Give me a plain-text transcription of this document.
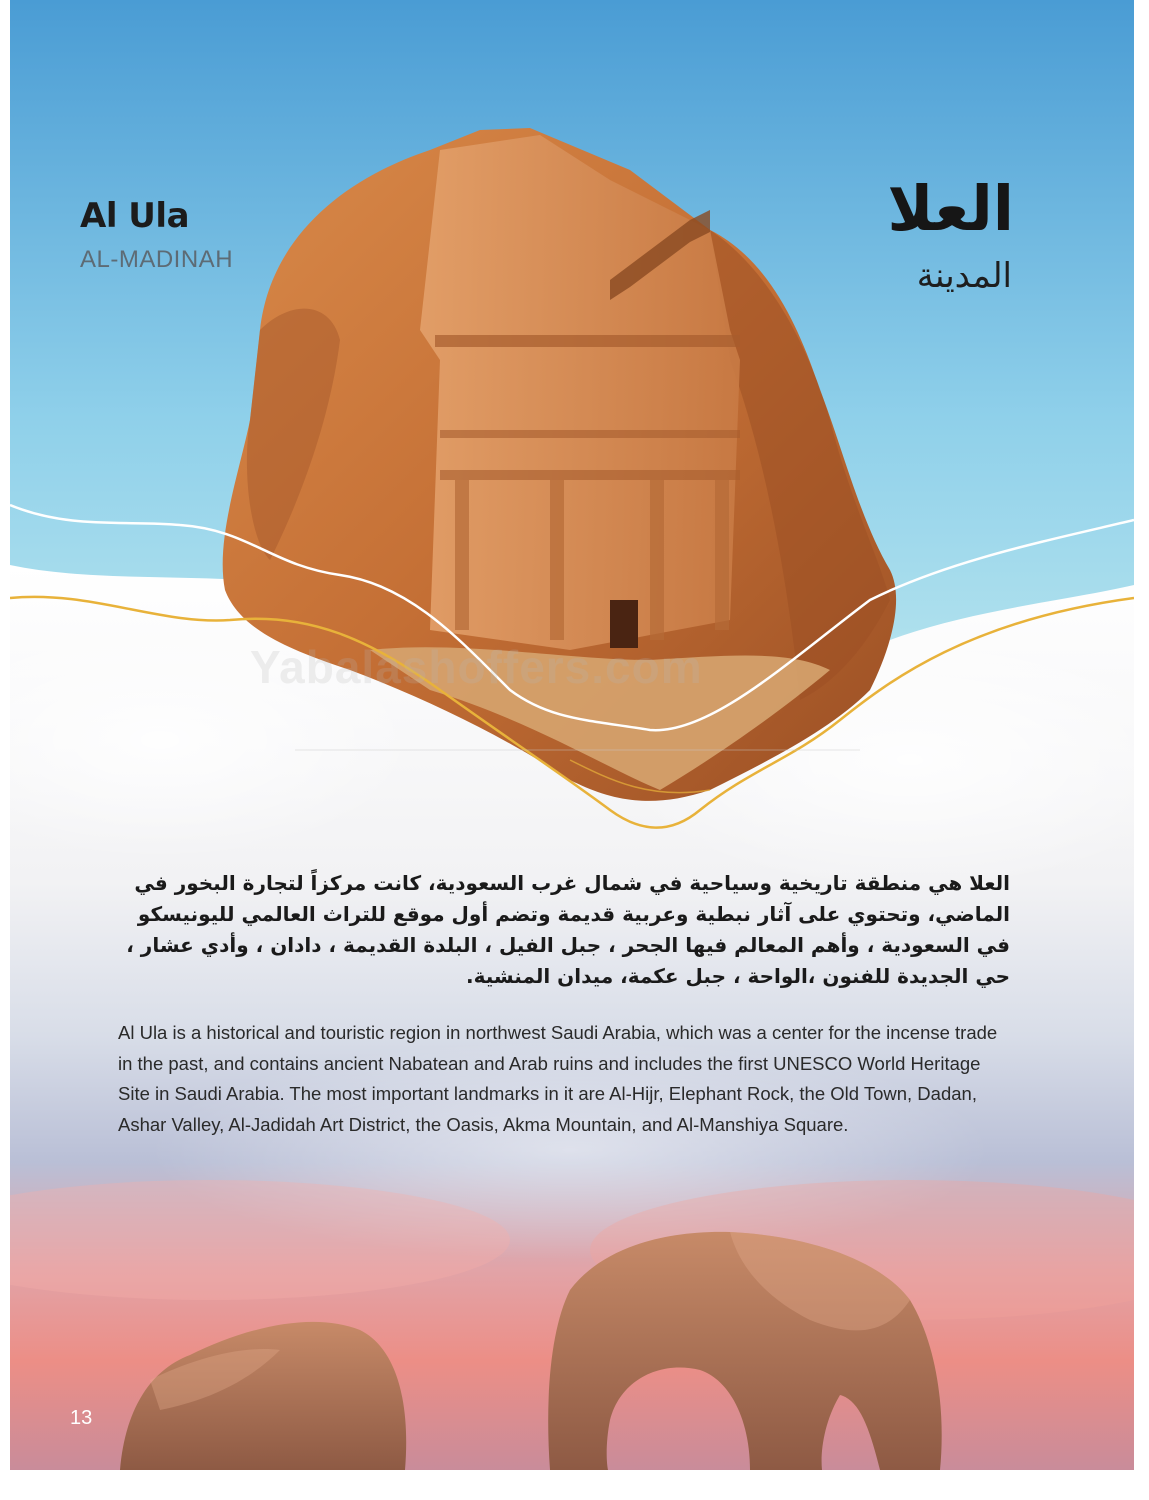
Yabalashoffers.com
Al Ula
AL-MADINAH
العلا
المدينة
العلا هي منطقة تاريخية وسياحية في شمال غرب السعودية، كانت مركزاً لتجارة البخور في الماضي، وتحتوي على آثار نبطية وعربية قديمة وتضم أول موقع للتراث العالمي لليونيسكو في السعودية ، وأهم المعالم فيها الجحر ، جبل الفيل ، البلدة القديمة ، دادان ، وأدي عشار ، حي الجديدة للفنون ،الواحة ، جبل عكمة، ميدان المنشية.
Al Ula is a historical and touristic region in northwest Saudi Arabia, which was a center for the incense trade in the past, and contains ancient Nabatean and Arab ruins and includes the first UNESCO World Heritage Site in Saudi Arabia. The most important landmarks in it are Al-Hijr, Elephant Rock, the Old Town, Dadan, Ashar Valley, Al-Jadidah Art District, the Oasis, Akma Mountain, and Al-Manshiya Square.
13
